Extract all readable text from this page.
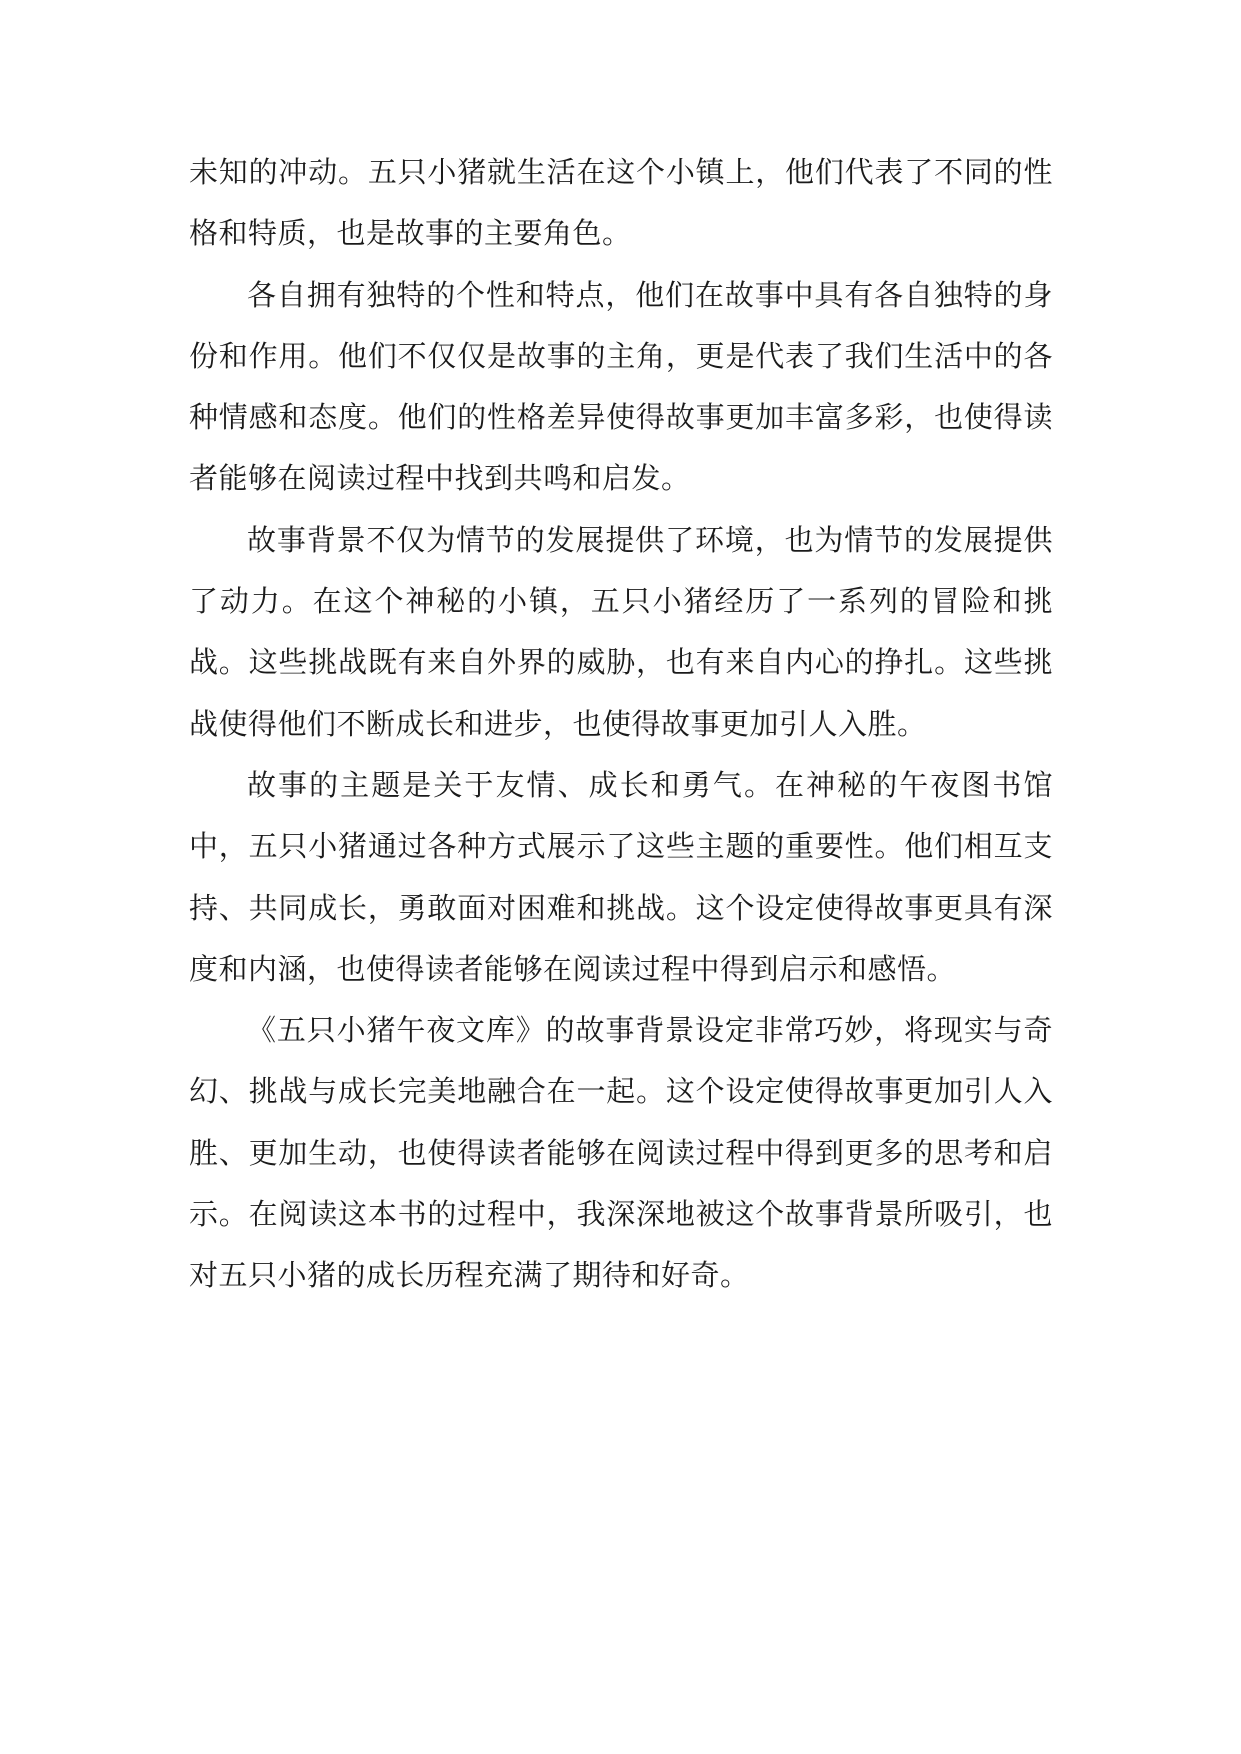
未知的冲动。五只小猪就生活在这个小镇上，他们代表了不同的性格和特质，也是故事的主要角色。

各自拥有独特的个性和特点，他们在故事中具有各自独特的身份和作用。他们不仅仅是故事的主角，更是代表了我们生活中的各种情感和态度。他们的性格差异使得故事更加丰富多彩，也使得读者能够在阅读过程中找到共鸣和启发。

故事背景不仅为情节的发展提供了环境，也为情节的发展提供了动力。在这个神秘的小镇，五只小猪经历了一系列的冒险和挑战。这些挑战既有来自外界的威胁，也有来自内心的挣扎。这些挑战使得他们不断成长和进步，也使得故事更加引人入胜。

故事的主题是关于友情、成长和勇气。在神秘的午夜图书馆中，五只小猪通过各种方式展示了这些主题的重要性。他们相互支持、共同成长，勇敢面对困难和挑战。这个设定使得故事更具有深度和内涵，也使得读者能够在阅读过程中得到启示和感悟。

《五只小猪午夜文库》的故事背景设定非常巧妙，将现实与奇幻、挑战与成长完美地融合在一起。这个设定使得故事更加引人入胜、更加生动，也使得读者能够在阅读过程中得到更多的思考和启示。在阅读这本书的过程中，我深深地被这个故事背景所吸引，也对五只小猪的成长历程充满了期待和好奇。
